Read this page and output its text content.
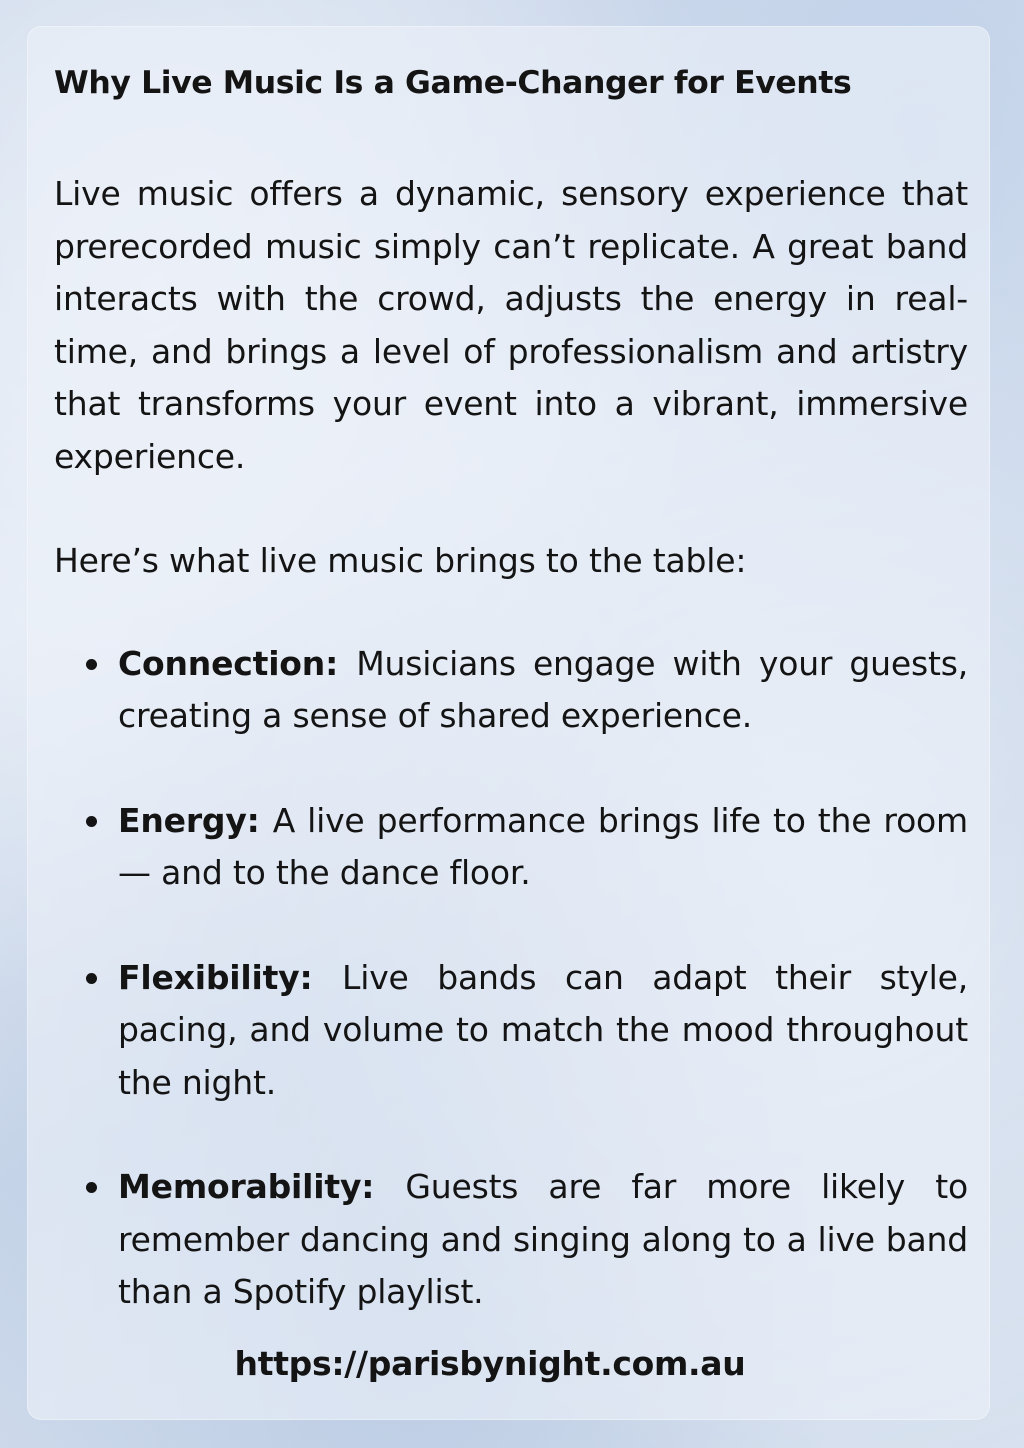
Why Live Music Is a Game-Changer for Events

Live music offers a dynamic, sensory experience that prerecorded music simply can’t replicate. A great band interacts with the crowd, adjusts the energy in real-time, and brings a level of professionalism and artistry that transforms your event into a vibrant, immersive experience.

Here’s what live music brings to the table:

Connection: Musicians engage with your guests, creating a sense of shared experience.
Energy: A live performance brings life to the room — and to the dance floor.
Flexibility: Live bands can adapt their style, pacing, and volume to match the mood throughout the night.
Memorability: Guests are far more likely to remember dancing and singing along to a live band than a Spotify playlist.
https://parisbynight.com.au
